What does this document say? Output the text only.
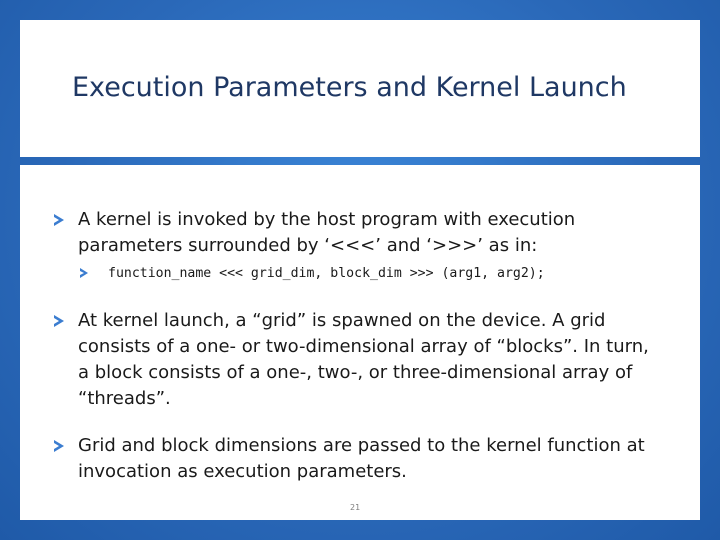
Execution Parameters and Kernel Launch
A kernel is invoked by the host program with execution parameters surrounded by ‘<<<’ and ‘>>>’ as in:
function_name <<< grid_dim, block_dim >>> (arg1, arg2);
At kernel launch, a “grid” is spawned on the device. A grid consists of a one- or two-dimensional array of “blocks”. In turn, a block consists of a one-, two-, or three-dimensional array of “threads”.
Grid and block dimensions are passed to the kernel function at invocation as execution parameters.
21
